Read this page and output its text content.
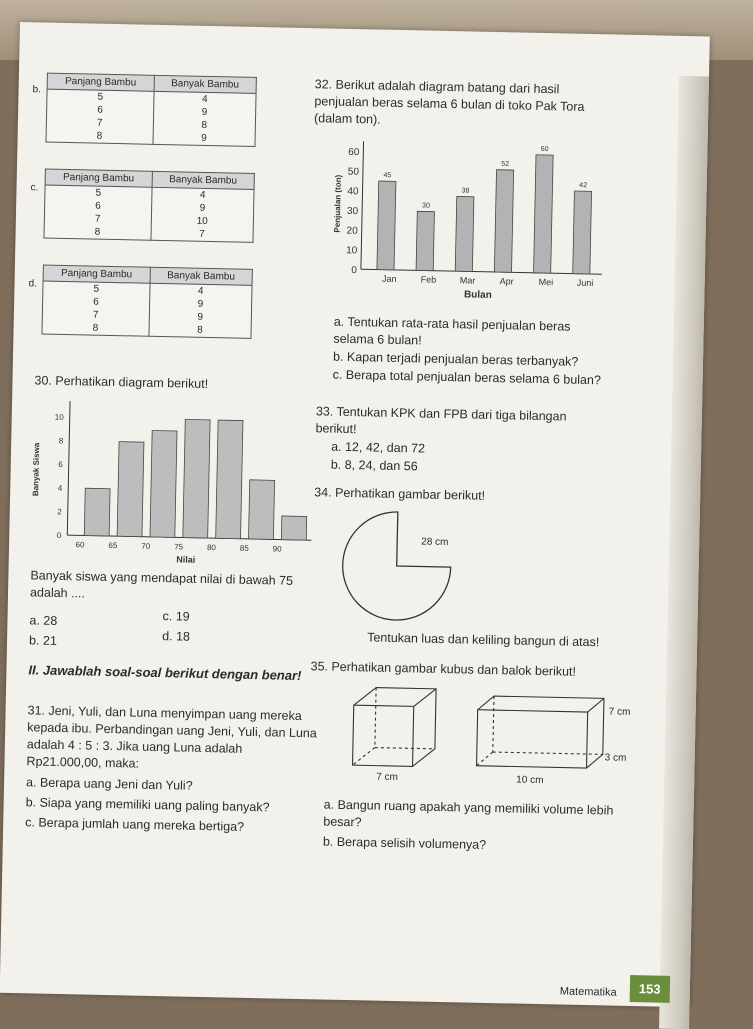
b.
Panjang Bambu	Banyak Bambu
5	4
6	9
7	8
8	9
c.
Panjang Bambu	Banyak Bambu
5	4
6	9
7	10
8	7
d.
Panjang Bambu	Banyak Bambu
5	4
6	9
7	9
8	8
30. Perhatikan diagram berikut!
0
2
4
6
8
10
60	65	70	75	80	85	90
Nilai
Banyak Siswa
Banyak siswa yang mendapat nilai di bawah 75 adalah ....
a. 28
b. 21
c. 19
d. 18
II. Jawablah soal-soal berikut dengan benar!
31. Jeni, Yuli, dan Luna menyimpan uang mereka kepada ibu. Perbandingan uang Jeni, Yuli, dan Luna adalah 4 : 5 : 3. Jika uang Luna adalah Rp21.000,00, maka:
a. Berapa uang Jeni dan Yuli?
b. Siapa yang memiliki uang paling banyak?
c. Berapa jumlah uang mereka bertiga?
32. Berikut adalah diagram batang dari hasil penjualan beras selama 6 bulan di toko Pak Tora (dalam ton).
0
10
20
30
40
50
60
45
Jan
30
Feb
38
Mar
52
Apr
60
Mei
42
Juni
Bulan
Penjualan (ton)
a. Tentukan rata-rata hasil penjualan beras selama 6 bulan!
b. Kapan terjadi penjualan beras terbanyak?
c. Berapa total penjualan beras selama 6 bulan?
33. Tentukan KPK dan FPB dari tiga bilangan berikut!
a. 12, 42, dan 72
b. 8, 24, dan 56
34. Perhatikan gambar berikut!
28 cm
Tentukan luas dan keliling bangun di atas!
35. Perhatikan gambar kubus dan balok berikut!
7 cm
7 cm
3 cm
10 cm
a. Bangun ruang apakah yang memiliki volume lebih besar?
b. Berapa selisih volumenya?
Matematika	153
